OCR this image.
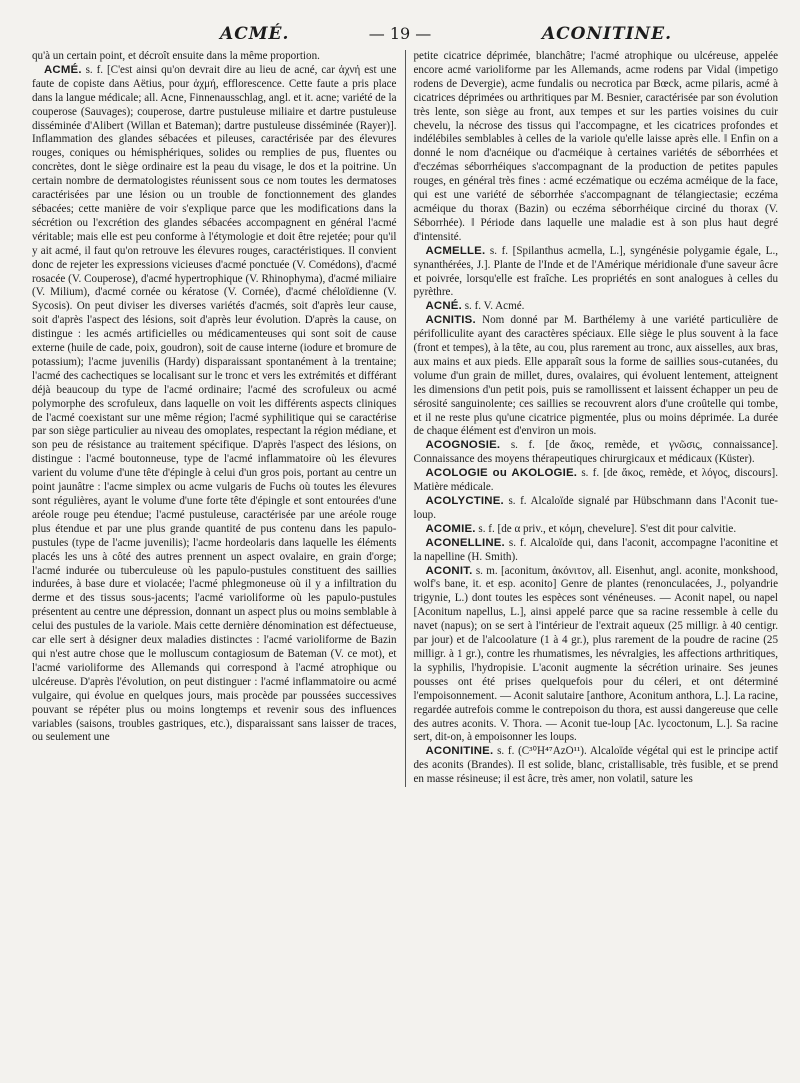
ACMÉ.	— 19 —	ACONITINE.

qu'à un certain point, et décroît ensuite dans la même proportion.

ACMÉ. s. f. [C'est ainsi qu'on devrait dire au lieu de acné, car ἀχνή est une faute de copiste dans Aëtius, pour ἀχμή, efflorescence. Cette faute a pris place dans la langue médicale; all. Acne, Finnenausschlag, angl. et it. acne; variété de la couperose (Sauvages); couperose, dartre pustuleuse miliaire et dartre pustuleuse disséminée d'Alibert (Willan et Bateman); dartre pustuleuse disséminée (Rayer)]. Inflammation des glandes sébacées et pileuses, caractérisée par des élevures rouges, coniques ou hémisphériques, solides ou remplies de pus, fluentes ou concrètes, dont le siège ordinaire est la peau du visage, le dos et la poitrine. Un certain nombre de dermatologistes réunissent sous ce nom toutes les dermatoses caractérisées par une lésion ou un trouble de fonctionnement des glandes sébacées; cette manière de voir s'explique parce que les modifications dans la sécrétion ou l'excrétion des glandes sébacées accompagnent en général l'acmé véritable; mais elle est peu conforme à l'étymologie et doit être rejetée; pour qu'il y ait acmé, il faut qu'on retrouve les élevures rouges, caractéristiques. Il convient donc de rejeter les expressions vicieuses d'acmé ponctuée (V. Comédons), d'acmé rosacée (V. Couperose), d'acmé hypertrophique (V. Rhinophyma), d'acmé miliaire (V. Milium), d'acmé cornée ou kératose (V. Cornée), d'acmé chéloïdienne (V. Sycosis). On peut diviser les diverses variétés d'acmés, soit d'après leur cause, soit d'après l'aspect des lésions, soit d'après leur évolution. D'après la cause, on distingue : les acmés artificielles ou médicamenteuses qui sont soit de cause externe (huile de cade, poix, goudron), soit de cause interne (iodure et bromure de potassium); l'acme juvenilis (Hardy) disparaissant spontanément à la trentaine; l'acmé des cachectiques se localisant sur le tronc et vers les extrémités et différant déjà beaucoup du type de l'acmé ordinaire; l'acmé des scrofuleux ou acmé polymorphe des scrofuleux, dans laquelle on voit les différents aspects cliniques de l'acmé coexistant sur une même région; l'acmé syphilitique qui se caractérise par son siège particulier au niveau des omoplates, respectant la région médiane, et son peu de résistance au traitement spécifique. D'après l'aspect des lésions, on distingue : l'acmé boutonneuse, type de l'acmé inflammatoire où les élevures varient du volume d'une tête d'épingle à celui d'un gros pois, portant au centre un point jaunâtre : l'acme simplex ou acme vulgaris de Fuchs où toutes les élevures sont régulières, ayant le volume d'une forte tête d'épingle et sont entourées d'une aréole rouge peu étendue; l'acmé pustuleuse, caractérisée par une aréole rouge plus étendue et par une plus grande quantité de pus contenu dans les papulo-pustules (type de l'acme juvenilis); l'acme hordeolaris dans laquelle les éléments placés les uns à côté des autres prennent un aspect ovalaire, en grain d'orge; l'acmé indurée ou tuberculeuse où les papulo-pustules constituent des saillies indurées, à base dure et violacée; l'acmé phlegmoneuse où il y a infiltration du derme et des tissus sous-jacents; l'acmé varioliforme où les papulo-pustules présentent au centre une dépression, donnant un aspect plus ou moins semblable à celui des pustules de la variole. Mais cette dernière dénomination est défectueuse, car elle sert à désigner deux maladies distinctes : l'acmé varioliforme de Bazin qui n'est autre chose que le molluscum contagiosum de Bateman (V. ce mot), et l'acmé varioliforme des Allemands qui correspond à l'acmé atrophique ou ulcéreuse. D'après l'évolution, on peut distinguer : l'acmé inflammatoire ou acmé vulgaire, qui évolue en quelques jours, mais procède par poussées successives pouvant se répéter plus ou moins longtemps et revenir sous des influences variables (saisons, troubles gastriques, etc.), disparaissant sans laisser de traces, ou seulement une

petite cicatrice déprimée, blanchâtre; l'acmé atrophique ou ulcéreuse, appelée encore acmé varioliforme par les Allemands, acme rodens par Vidal (impetigo rodens de Devergie), acme fundalis ou necrotica par Bœck, acme pilaris, acmé à cicatrices déprimées ou arthritiques par M. Besnier, caractérisée par son évolution très lente, son siège au front, aux tempes et sur les parties voisines du cuir chevelu, la nécrose des tissus qui l'accompagne, et les cicatrices profondes et indélébiles semblables à celles de la variole qu'elle laisse après elle. ‖ Enfin on a donné le nom d'acnéique ou d'acméique à certaines variétés de séborrhées et d'eczémas séborrhéiques s'accompagnant de la production de petites papules rouges, en général très fines : acmé eczématique ou eczéma acméique de la face, qui est une variété de séborrhée s'accompagnant de télangiectasie; eczéma acméique du thorax (Bazin) ou eczéma séborrhéique circiné du thorax (V. Séborrhée). ‖ Période dans laquelle une maladie est à son plus haut degré d'intensité.

ACMELLE. s. f. [Spilanthus acmella, L.], syngénésie polygamie égale, L., synanthérées, J.]. Plante de l'Inde et de l'Amérique méridionale d'une saveur âcre et poivrée, lorsqu'elle est fraîche. Les propriétés en sont analogues à celles du pyrèthre.

ACNÉ. s. f. V. Acmé.

ACNITIS. Nom donné par M. Barthélemy à une variété particulière de périfolliculite ayant des caractères spéciaux. Elle siège le plus souvent à la face (front et tempes), à la tête, au cou, plus rarement au tronc, aux aisselles, aux bras, aux mains et aux pieds. Elle apparaît sous la forme de saillies sous-cutanées, du volume d'un grain de millet, dures, ovalaires, qui évoluent lentement, atteignent les dimensions d'un petit pois, puis se ramollissent et laissent échapper un peu de sérosité sanguinolente; ces saillies se recouvrent alors d'une croûtelle qui tombe, et il ne reste plus qu'une cicatrice pigmentée, plus ou moins déprimée. La durée de chaque élément est d'environ un mois.

ACOGNOSIE. s. f. [de ἄκος, remède, et γνῶσις, connaissance]. Connaissance des moyens thérapeutiques chirurgicaux et médicaux (Küster).

ACOLOGIE ou AKOLOGIE. s. f. [de ἄκος, remède, et λόγος, discours]. Matière médicale.

ACOLYCTINE. s. f. Alcaloïde signalé par Hübschmann dans l'Aconit tue-loup.

ACOMIE. s. f. [de α priv., et κόμη, chevelure]. S'est dit pour calvitie.

ACONELLINE. s. f. Alcaloïde qui, dans l'aconit, accompagne l'aconitine et la napelline (H. Smith).

ACONIT. s. m. [aconitum, ἀκόνιτον, all. Eisenhut, angl. aconite, monkshood, wolf's bane, it. et esp. aconito] Genre de plantes (renonculacées, J., polyandrie trigynie, L.) dont toutes les espèces sont vénéneuses. — Aconit napel, ou napel [Aconitum napellus, L.], ainsi appelé parce que sa racine ressemble à celle du navet (napus); on se sert à l'intérieur de l'extrait aqueux (25 milligr. à 40 centigr. par jour) et de l'alcoolature (1 à 4 gr.), plus rarement de la poudre de racine (25 milligr. à 1 gr.), contre les rhumatismes, les névralgies, les affections arthritiques, la syphilis, l'hydropisie. L'aconit augmente la sécrétion urinaire. Ses jeunes pousses ont été prises quelquefois pour du céleri, et ont déterminé l'empoisonnement. — Aconit salutaire [anthore, Aconitum anthora, L.]. La racine, regardée autrefois comme le contrepoison du thora, est aussi dangereuse que celle des autres aconits. V. Thora. — Aconit tue-loup [Ac. lycoctonum, L.]. Sa racine sert, dit-on, à empoisonner les loups.

ACONITINE. s. f. (C³⁰H⁴⁷AzO¹¹). Alcaloïde végétal qui est le principe actif des aconits (Brandes). Il est solide, blanc, cristallisable, très fusible, et se prend en masse résineuse; il est âcre, très amer, non volatil, sature les
